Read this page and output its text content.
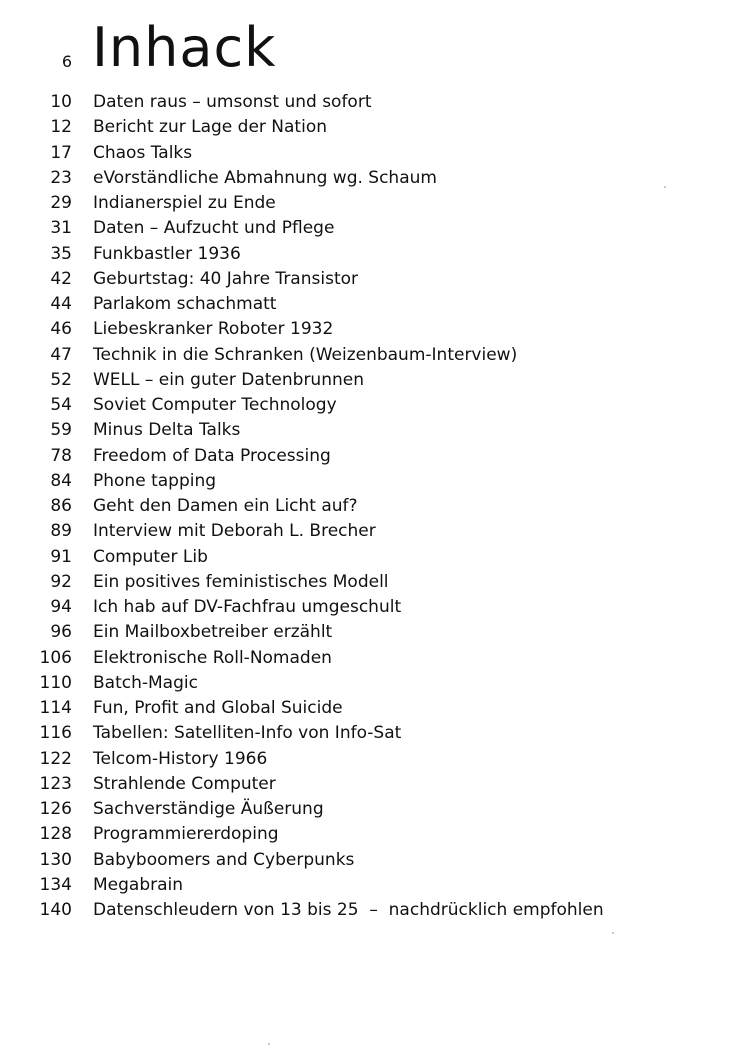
6 Inhack
10 Daten raus – umsonst und sofort
12 Bericht zur Lage der Nation
17 Chaos Talks
23 eVorständliche Abmahnung wg. Schaum
29 Indianerspiel zu Ende
31 Daten – Aufzucht und Pflege
35 Funkbastler 1936
42 Geburtstag: 40 Jahre Transistor
44 Parlakom schachmatt
46 Liebeskranker Roboter 1932
47 Technik in die Schranken (Weizenbaum-Interview)
52 WELL – ein guter Datenbrunnen
54 Soviet Computer Technology
59 Minus Delta Talks
78 Freedom of Data Processing
84 Phone tapping
86 Geht den Damen ein Licht auf?
89 Interview mit Deborah L. Brecher
91 Computer Lib
92 Ein positives feministisches Modell
94 Ich hab auf DV-Fachfrau umgeschult
96 Ein Mailboxbetreiber erzählt
106 Elektronische Roll-Nomaden
110 Batch-Magic
114 Fun, Profit and Global Suicide
116 Tabellen: Satelliten-Info von Info-Sat
122 Telcom-History 1966
123 Strahlende Computer
126 Sachverständige Äußerung
128 Programmiererdoping
130 Babyboomers and Cyberpunks
134 Megabrain
140 Datenschleudern von 13 bis 25  –  nachdrücklich empfohlen
